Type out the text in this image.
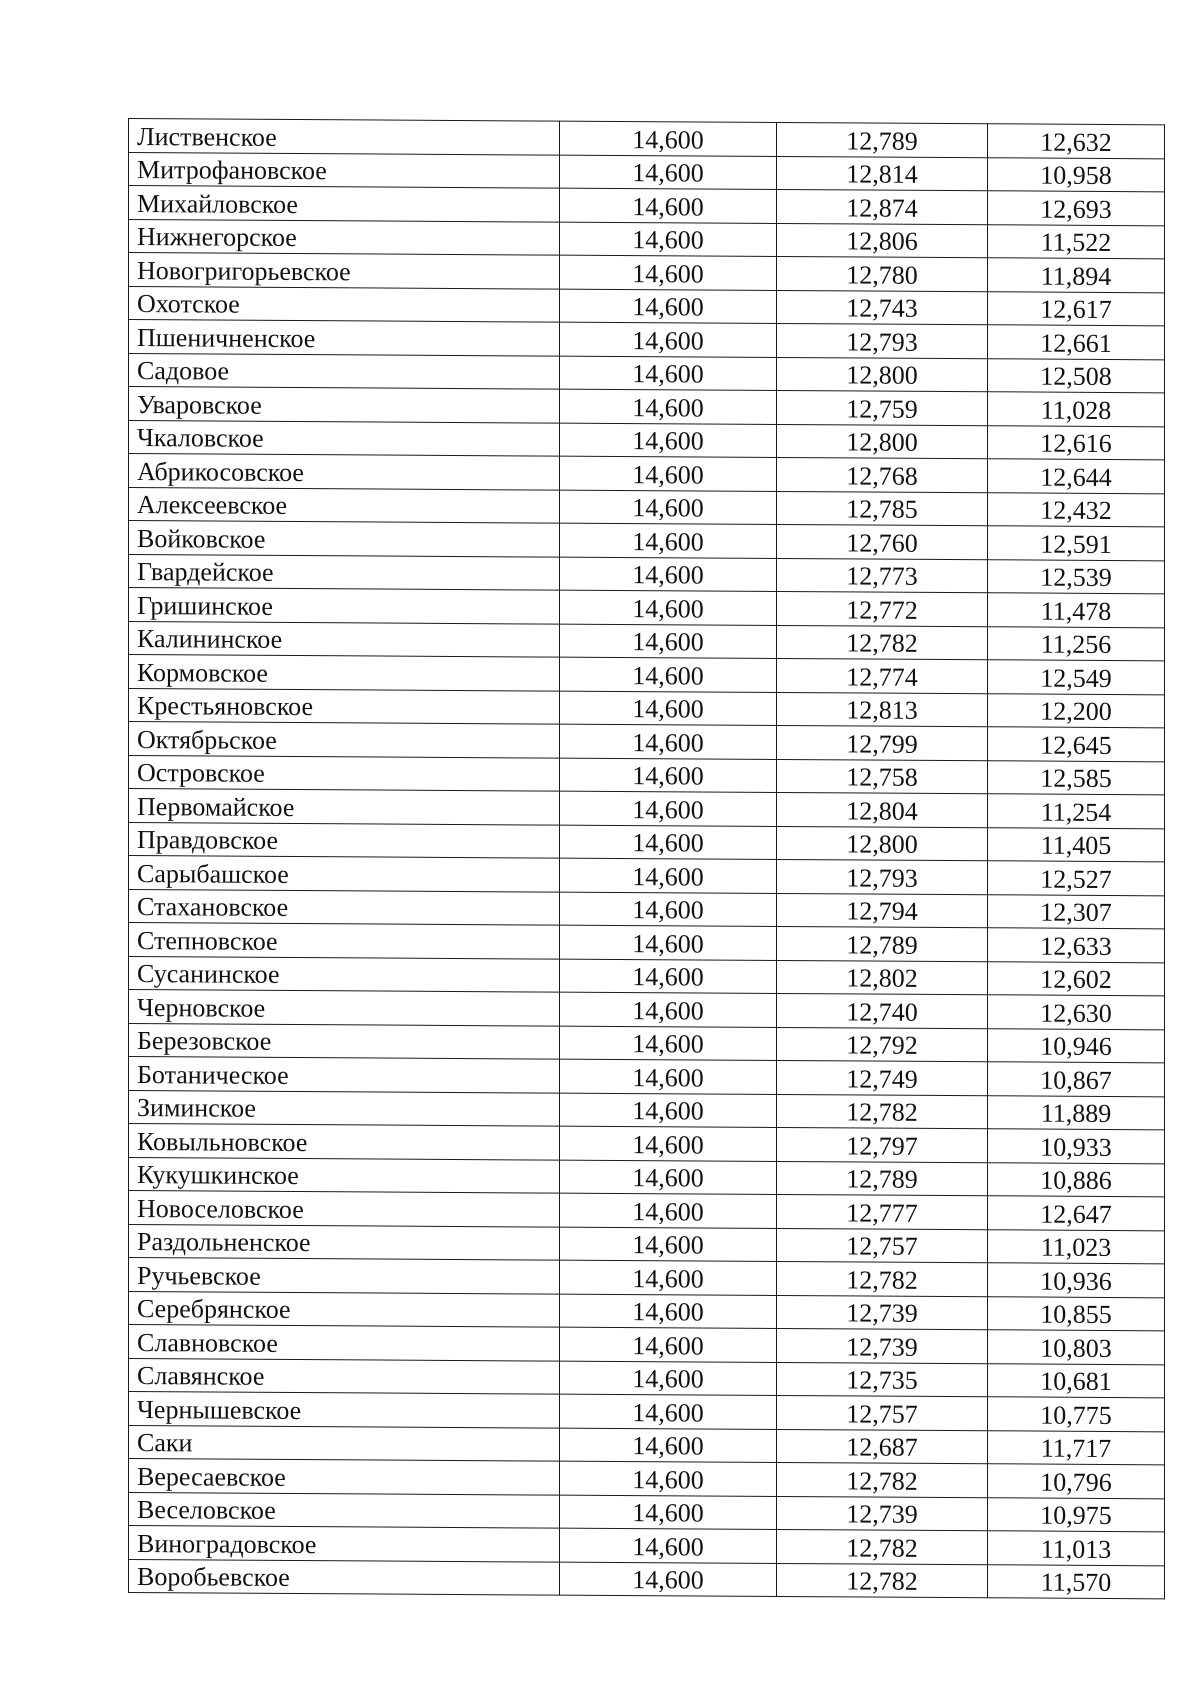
Лиственское	14,600	12,789	12,632
Митрофановское	14,600	12,814	10,958
Михайловское	14,600	12,874	12,693
Нижнегорское	14,600	12,806	11,522
Новогригорьевское	14,600	12,780	11,894
Охотское	14,600	12,743	12,617
Пшеничненское	14,600	12,793	12,661
Садовое	14,600	12,800	12,508
Уваровское	14,600	12,759	11,028
Чкаловское	14,600	12,800	12,616
Абрикосовское	14,600	12,768	12,644
Алексеевское	14,600	12,785	12,432
Войковское	14,600	12,760	12,591
Гвардейское	14,600	12,773	12,539
Гришинское	14,600	12,772	11,478
Калининское	14,600	12,782	11,256
Кормовское	14,600	12,774	12,549
Крестьяновское	14,600	12,813	12,200
Октябрьское	14,600	12,799	12,645
Островское	14,600	12,758	12,585
Первомайское	14,600	12,804	11,254
Правдовское	14,600	12,800	11,405
Сарыбашское	14,600	12,793	12,527
Стахановское	14,600	12,794	12,307
Степновское	14,600	12,789	12,633
Сусанинское	14,600	12,802	12,602
Черновское	14,600	12,740	12,630
Березовское	14,600	12,792	10,946
Ботаническое	14,600	12,749	10,867
Зиминское	14,600	12,782	11,889
Ковыльновское	14,600	12,797	10,933
Кукушкинское	14,600	12,789	10,886
Новоселовское	14,600	12,777	12,647
Раздольненское	14,600	12,757	11,023
Ручьевское	14,600	12,782	10,936
Серебрянское	14,600	12,739	10,855
Славновское	14,600	12,739	10,803
Славянское	14,600	12,735	10,681
Чернышевское	14,600	12,757	10,775
Саки	14,600	12,687	11,717
Вересаевское	14,600	12,782	10,796
Веселовское	14,600	12,739	10,975
Виноградовское	14,600	12,782	11,013
Воробьевское	14,600	12,782	11,570
